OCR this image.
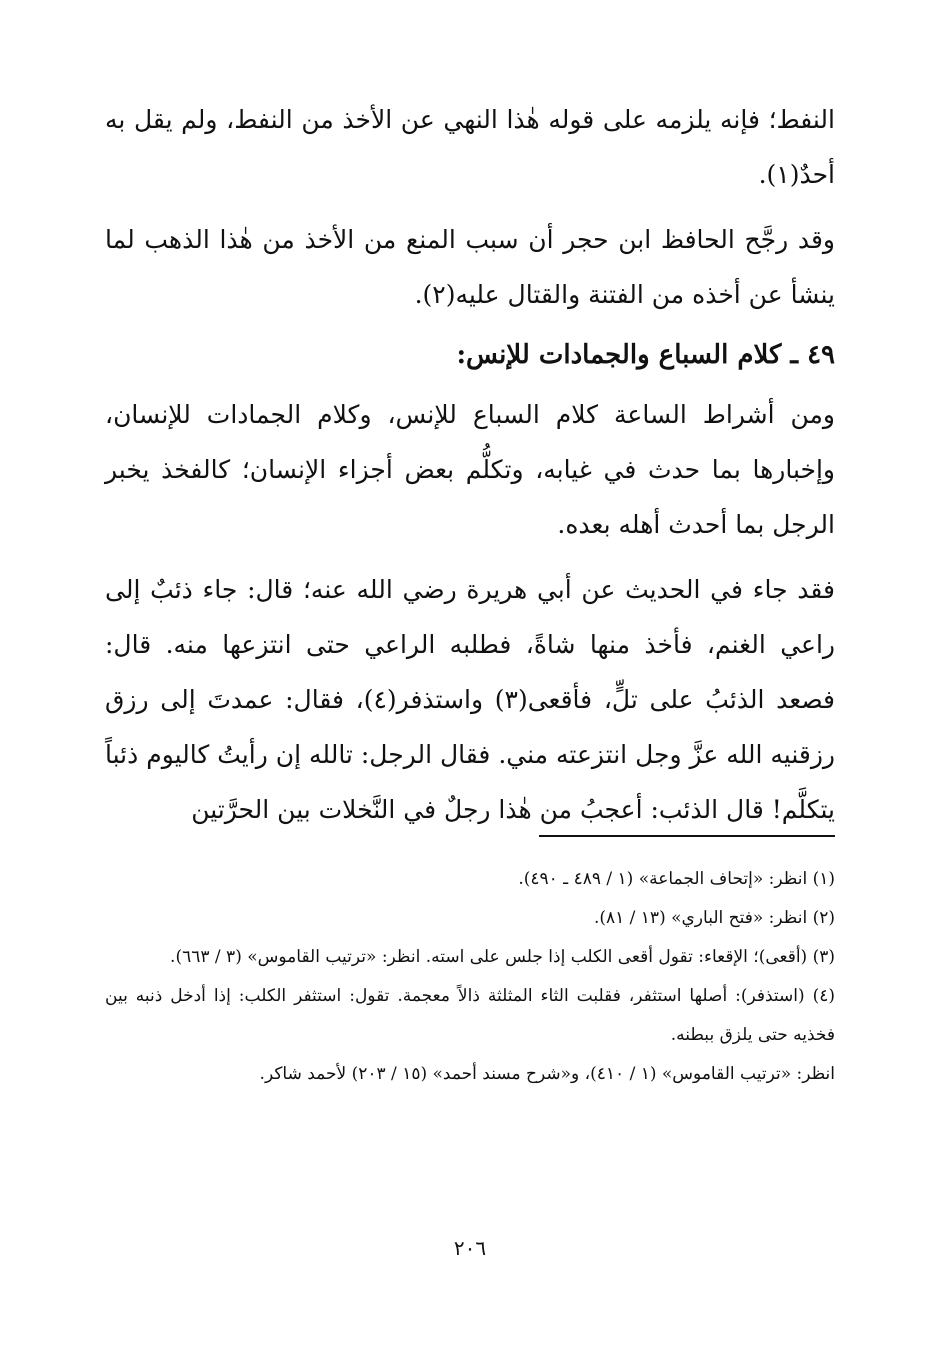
النفط؛ فإنه يلزمه على قوله هٰذا النهي عن الأخذ من النفط، ولم يقل به أحدٌ(١).

وقد رجَّح الحافظ ابن حجر أن سبب المنع من الأخذ من هٰذا الذهب لما ينشأ عن أخذه من الفتنة والقتال عليه(٢).

٤٩ ـ كلام السباع والجمادات للإنس:

ومن أشراط الساعة كلام السباع للإنس، وكلام الجمادات للإنسان، وإخبارها بما حدث في غيابه، وتكلُّم بعض أجزاء الإنسان؛ كالفخذ يخبر الرجل بما أحدث أهله بعده.

فقد جاء في الحديث عن أبي هريرة رضي الله عنه؛ قال: جاء ذئبٌ إلى راعي الغنم، فأخذ منها شاةً، فطلبه الراعي حتى انتزعها منه. قال: فصعد الذئبُ على تلٍّ، فأقعى(٣) واستذفر(٤)، فقال: عمدتَ إلى رزق رزقنيه الله عزَّ وجل انتزعته مني. فقال الرجل: تالله إن رأيتُ كاليوم ذئباً يتكلَّم! قال الذئب: أعجبُ من هٰذا رجلٌ في النَّخلات بين الحرَّتين

(١) انظر: «إتحاف الجماعة» (١ / ٤٨٩ ـ ٤٩٠).

(٢) انظر: «فتح الباري» (١٣ / ٨١).

(٣) (أقعى)؛ الإقعاء: تقول أقعى الكلب إذا جلس على استه. انظر: «ترتيب القاموس» (٣ / ٦٦٣).

(٤) (استذفر): أصلها استثفر، فقلبت الثاء المثلثة ذالاً معجمة. تقول: استثفر الكلب: إذا أدخل ذنبه بين فخذيه حتى يلزق ببطنه.

انظر: «ترتيب القاموس» (١ / ٤١٠)، و«شرح مسند أحمد» (١٥ / ٢٠٣) لأحمد شاكر.

٢٠٦
